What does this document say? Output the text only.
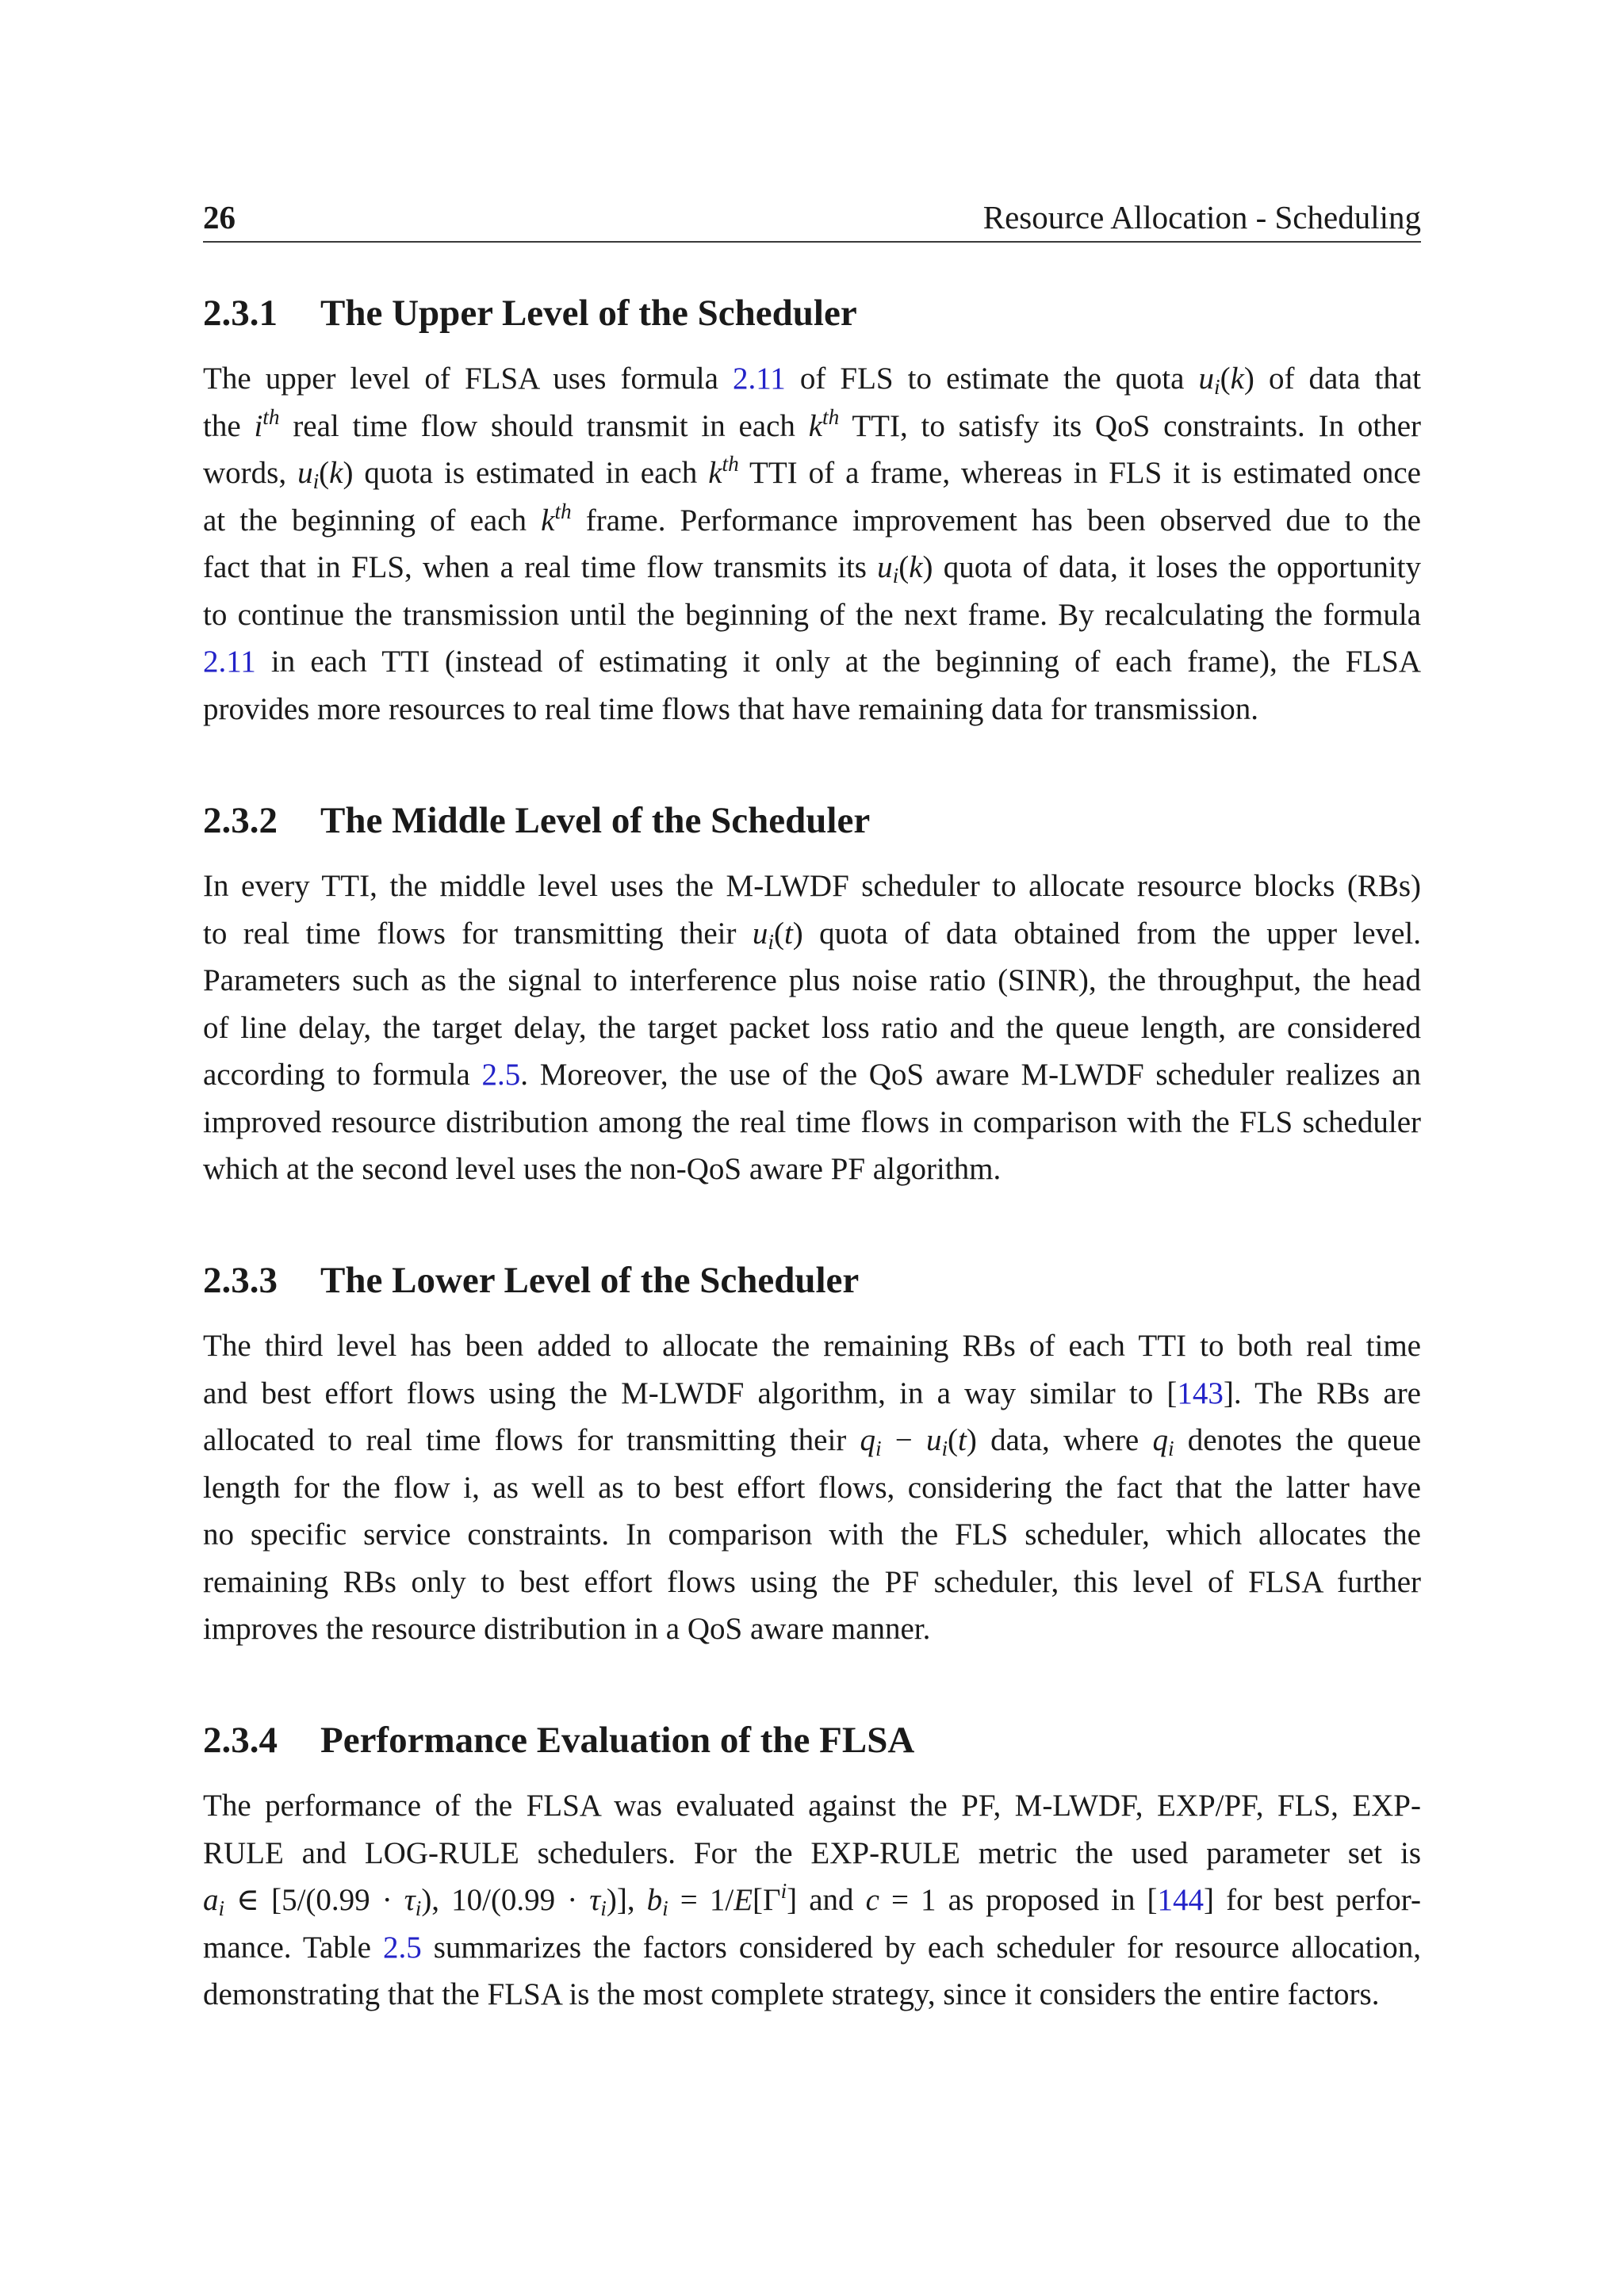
26	Resource Allocation - Scheduling
2.3.1 The Upper Level of the Scheduler
The upper level of FLSA uses formula 2.11 of FLS to estimate the quota $u_i(k)$ of data that
the $i^{th}$ real time flow should transmit in each $k^{th}$ TTI, to satisfy its QoS constraints. In other
words, $u_i(k)$ quota is estimated in each $k^{th}$ TTI of a frame, whereas in FLS it is estimated once
at the beginning of each $k^{th}$ frame. Performance improvement has been observed due to the
fact that in FLS, when a real time flow transmits its $u_i(k)$ quota of data, it loses the opportunity
to continue the transmission until the beginning of the next frame. By recalculating the formula
2.11 in each TTI (instead of estimating it only at the beginning of each frame), the FLSA
provides more resources to real time flows that have remaining data for transmission.
2.3.2 The Middle Level of the Scheduler
In every TTI, the middle level uses the M-LWDF scheduler to allocate resource blocks (RBs)
to real time flows for transmitting their $u_i(t)$ quota of data obtained from the upper level.
Parameters such as the signal to interference plus noise ratio (SINR), the throughput, the head
of line delay, the target delay, the target packet loss ratio and the queue length, are considered
according to formula 2.5. Moreover, the use of the QoS aware M-LWDF scheduler realizes an
improved resource distribution among the real time flows in comparison with the FLS scheduler
which at the second level uses the non-QoS aware PF algorithm.
2.3.3 The Lower Level of the Scheduler
The third level has been added to allocate the remaining RBs of each TTI to both real time
and best effort flows using the M-LWDF algorithm, in a way similar to [143]. The RBs are
allocated to real time flows for transmitting their $q_i - u_i(t)$ data, where $q_i$ denotes the queue
length for the flow i, as well as to best effort flows, considering the fact that the latter have
no specific service constraints. In comparison with the FLS scheduler, which allocates the
remaining RBs only to best effort flows using the PF scheduler, this level of FLSA further
improves the resource distribution in a QoS aware manner.
2.3.4 Performance Evaluation of the FLSA
The performance of the FLSA was evaluated against the PF, M-LWDF, EXP/PF, FLS, EXP-
RULE and LOG-RULE schedulers. For the EXP-RULE metric the used parameter set is
$a_i$ ∈ [$5/(0.99 \cdot \tau_i)$, $10/(0.99 \cdot \tau_i)$], $b_i = 1/E[\Gamma^i]$ and c = 1 as proposed in [144] for best perfor-
mance. Table 2.5 summarizes the factors considered by each scheduler for resource allocation,
demonstrating that the FLSA is the most complete strategy, since it considers the entire factors.
